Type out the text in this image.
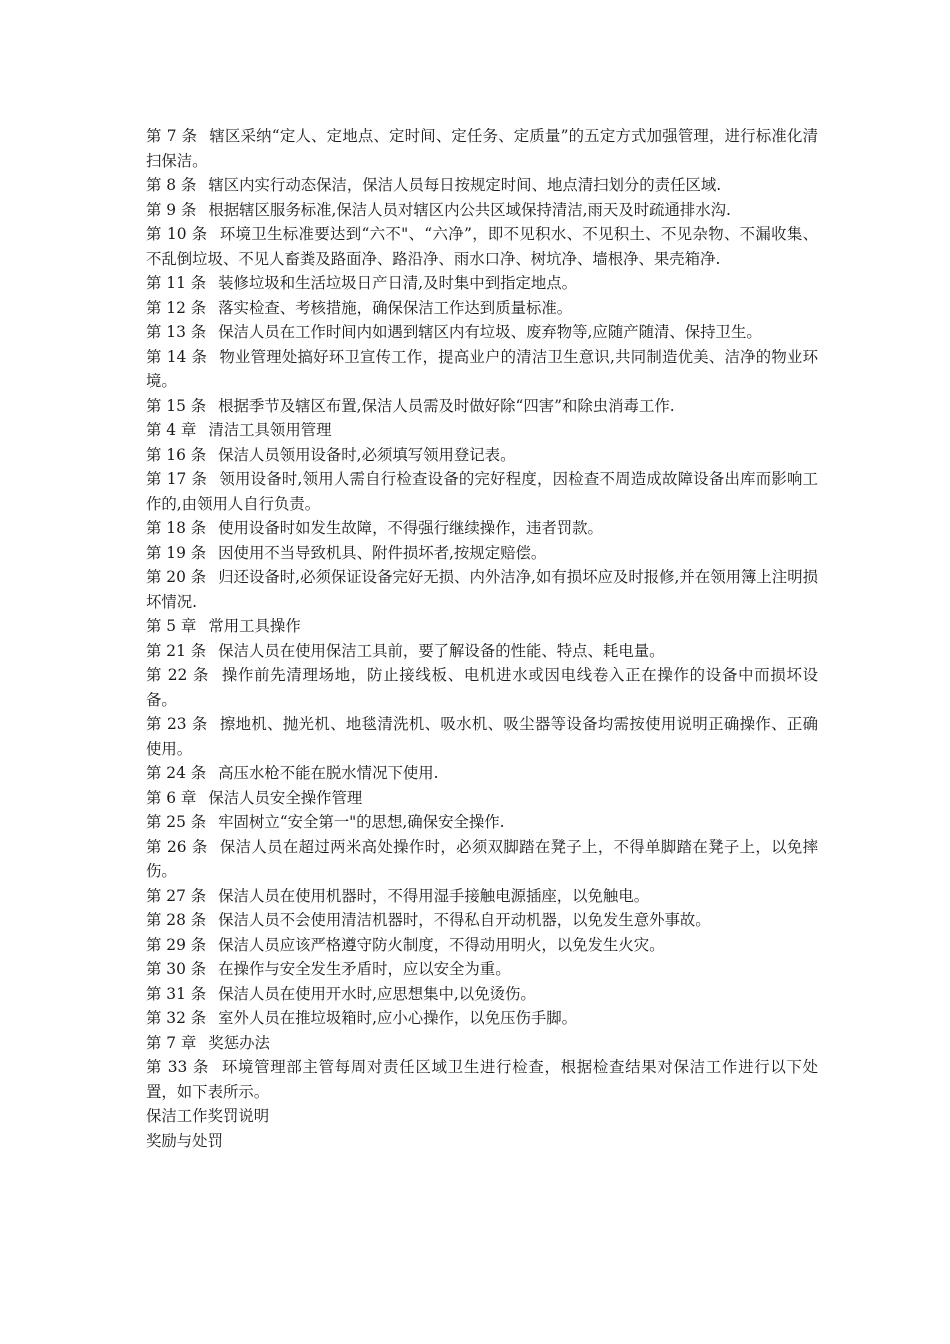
第 7 条 辖区采纳“定人、定地点、定时间、定任务、定质量”的五定方式加强管理，进行标准化清扫保洁。

第 8 条 辖区内实行动态保洁，保洁人员每日按规定时间、地点清扫划分的责任区域.

第 9 条 根据辖区服务标准,保洁人员对辖区内公共区域保持清洁,雨天及时疏通排水沟.

第 10 条 环境卫生标准要达到“六不"、“六净”，即不见积水、不见积土、不见杂物、不漏收集、不乱倒垃圾、不见人畜粪及路面净、路沿净、雨水口净、树坑净、墙根净、果壳箱净.

第 11 条 装修垃圾和生活垃圾日产日清,及时集中到指定地点。

第 12 条 落实检查、考核措施，确保保洁工作达到质量标准。

第 13 条 保洁人员在工作时间内如遇到辖区内有垃圾、废弃物等,应随产随清、保持卫生。

第 14 条 物业管理处搞好环卫宣传工作，提高业户的清洁卫生意识,共同制造优美、洁净的物业环境。

第 15 条 根据季节及辖区布置,保洁人员需及时做好除“四害”和除虫消毒工作.

第 4 章 清洁工具领用管理

第 16 条 保洁人员领用设备时,必须填写领用登记表。

第 17 条 领用设备时,领用人需自行检查设备的完好程度，因检查不周造成故障设备出库而影响工作的,由领用人自行负责。

第 18 条 使用设备时如发生故障，不得强行继续操作，违者罚款。

第 19 条 因使用不当导致机具、附件损坏者,按规定赔偿。

第 20 条 归还设备时,必须保证设备完好无损、内外洁净,如有损坏应及时报修,并在领用簿上注明损坏情况.

第 5 章 常用工具操作

第 21 条 保洁人员在使用保洁工具前，要了解设备的性能、特点、耗电量。

第 22 条 操作前先清理场地，防止接线板、电机进水或因电线卷入正在操作的设备中而损坏设备。

第 23 条 擦地机、抛光机、地毯清洗机、吸水机、吸尘器等设备均需按使用说明正确操作、正确使用。

第 24 条 高压水枪不能在脱水情况下使用.

第 6 章 保洁人员安全操作管理

第 25 条 牢固树立“安全第一"的思想,确保安全操作.

第 26 条 保洁人员在超过两米高处操作时，必须双脚踏在凳子上，不得单脚踏在凳子上，以免摔伤。

第 27 条 保洁人员在使用机器时，不得用湿手接触电源插座，以免触电。

第 28 条 保洁人员不会使用清洁机器时，不得私自开动机器，以免发生意外事故。

第 29 条 保洁人员应该严格遵守防火制度，不得动用明火，以免发生火灾。

第 30 条 在操作与安全发生矛盾时，应以安全为重。

第 31 条 保洁人员在使用开水时,应思想集中,以免烫伤。

第 32 条 室外人员在推垃圾箱时,应小心操作，以免压伤手脚。

第 7 章 奖惩办法

第 33 条 环境管理部主管每周对责任区域卫生进行检查，根据检查结果对保洁工作进行以下处置，如下表所示。

保洁工作奖罚说明

奖励与处罚
